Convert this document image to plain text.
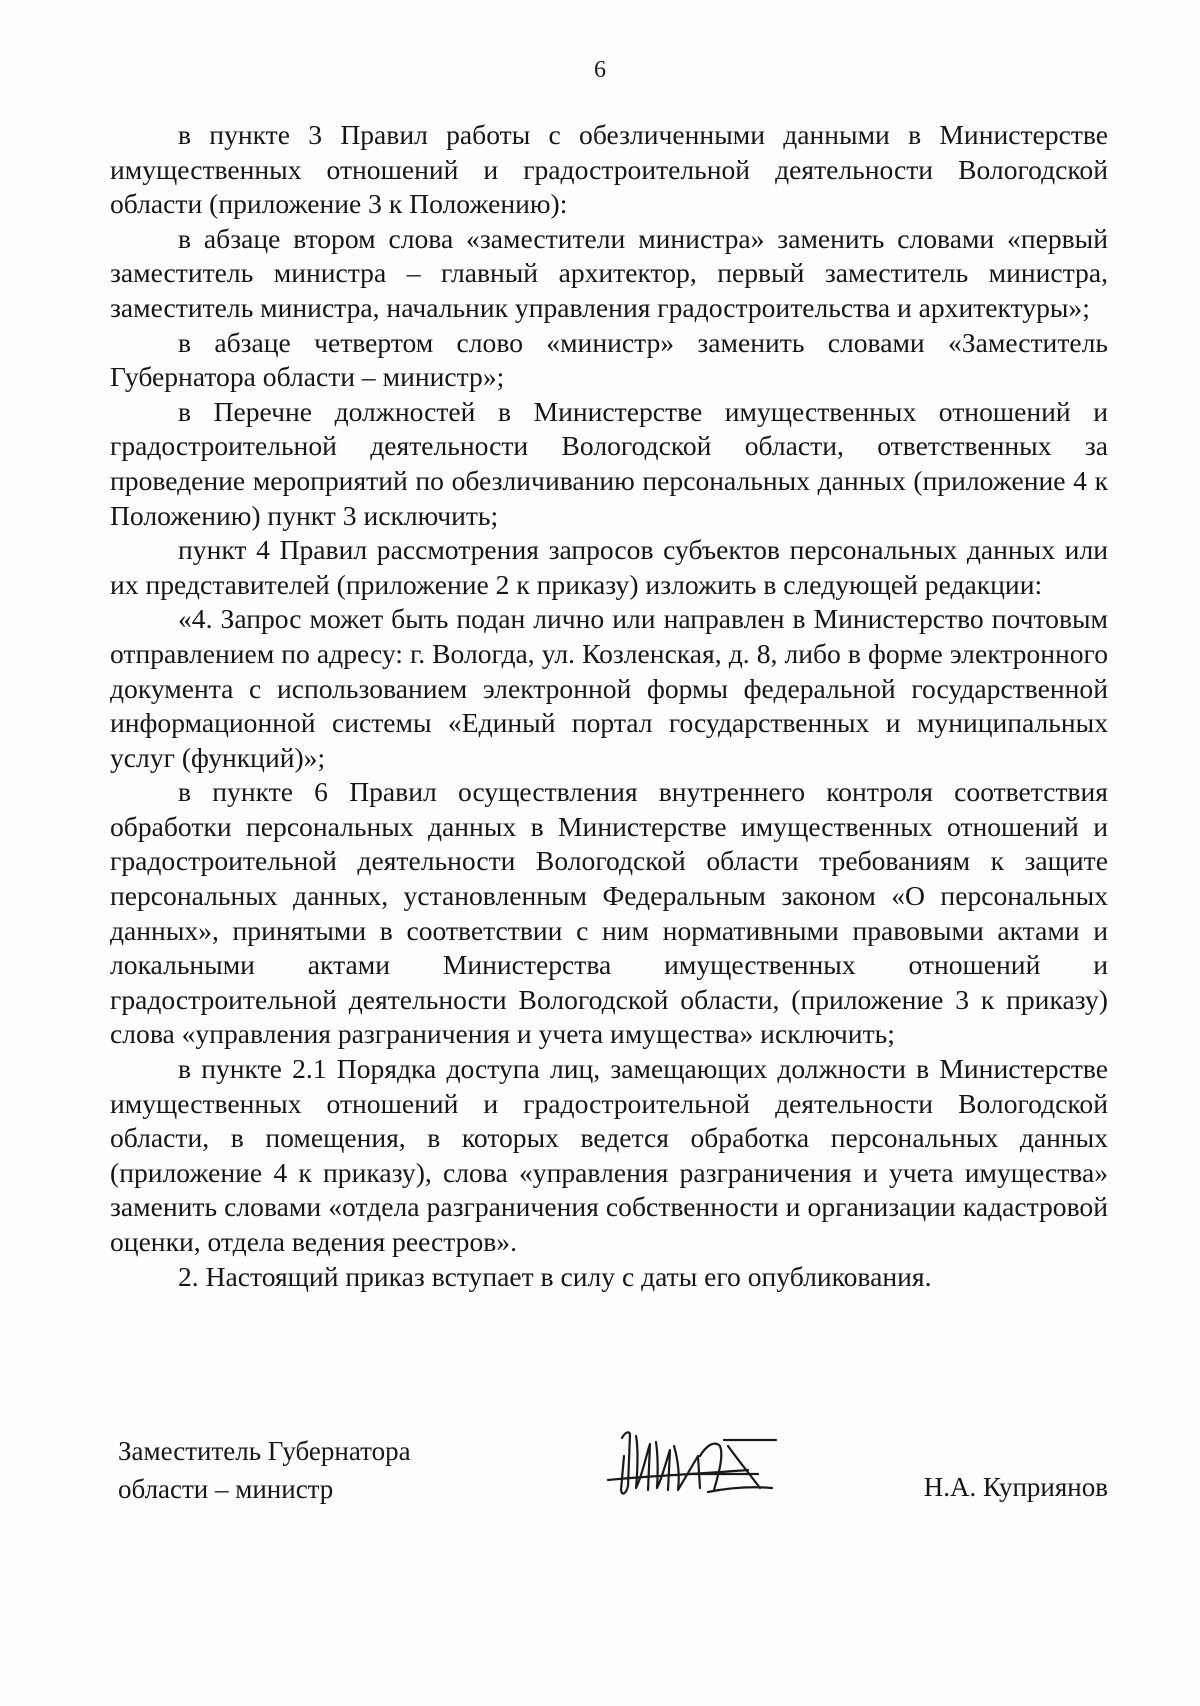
6

в пункте 3 Правил работы с обезличенными данными в Министерстве имущественных отношений и градостроительной деятельности Вологодской области (приложение 3 к Положению):

в абзаце втором слова «заместители министра» заменить словами «первый заместитель министра – главный архитектор, первый заместитель министра, заместитель министра, начальник управления градостроительства и архитектуры»;

в абзаце четвертом слово «министр» заменить словами «Заместитель Губернатора области – министр»;

в Перечне должностей в Министерстве имущественных отношений и градостроительной деятельности Вологодской области, ответственных за проведение мероприятий по обезличиванию персональных данных (приложение 4 к Положению) пункт 3 исключить;

пункт 4 Правил рассмотрения запросов субъектов персональных данных или их представителей (приложение 2 к приказу) изложить в следующей редакции:

«4. Запрос может быть подан лично или направлен в Министерство почтовым отправлением по адресу: г. Вологда, ул. Козленская, д. 8, либо в форме электронного документа с использованием электронной формы федеральной государственной информационной системы «Единый портал государственных и муниципальных услуг (функций)»;

в пункте 6 Правил осуществления внутреннего контроля соответствия обработки персональных данных в Министерстве имущественных отношений и градостроительной деятельности Вологодской области требованиям к защите персональных данных, установленным Федеральным законом «О персональных данных», принятыми в соответствии с ним нормативными правовыми актами и локальными актами Министерства имущественных отношений и градостроительной деятельности Вологодской области, (приложение 3 к приказу) слова «управления разграничения и учета имущества» исключить;

в пункте 2.1 Порядка доступа лиц, замещающих должности в Министерстве имущественных отношений и градостроительной деятельности Вологодской области, в помещения, в которых ведется обработка персональных данных (приложение 4 к приказу), слова «управления разграничения и учета имущества» заменить словами «отдела разграничения собственности и организации кадастровой оценки, отдела ведения реестров».

2. Настоящий приказ вступает в силу с даты его опубликования.

Заместитель Губернатора
области – министр	Н.А. Куприянов
